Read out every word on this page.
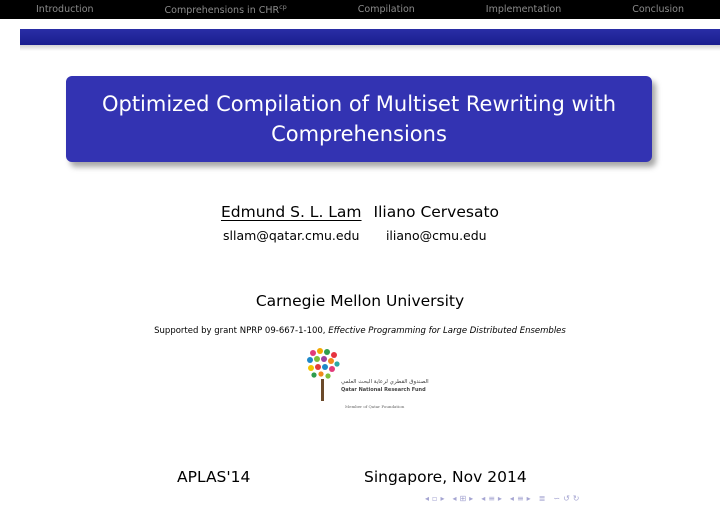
Introduction	Comprehensions in $CHR^{cp}$	Compilation	Implementation	Conclusion
Optimized Compilation of Multiset Rewriting with
Comprehensions
Edmund S. L. Lam
sllam@qatar.cmu.edu
Iliano Cervesato
iliano@cmu.edu
Carnegie Mellon University
Supported by grant NPRP 09-667-1-100, Effective Programming for Large Distributed Ensembles
الصندوق القطري لرعاية البحث العلمي
Qatar National Research Fund
Member of Qatar Foundation
APLAS'14	Singapore, Nov 2014
◂ ▫ ▸ ◂ ⊞ ▸ ◂ ≡ ▸ ◂ ≡ ▸ ≣ ∽ ↺ ↻
